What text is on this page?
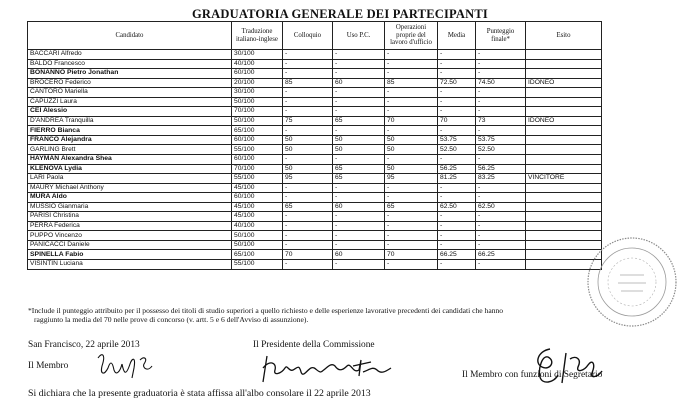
GRADUATORIA GENERALE DEI PARTECIPANTI
Candidato	Traduzione italiano-inglese	Colloquio	Uso P.C.	Operazioni proprie del lavoro d'ufficio	Media	Punteggio finale*	Esito
BACCARI Alfredo	30/100	-	-	-	-	-	
BALDO Francesco	40/100	-	-	-	-	-	
BONANNO Pietro Jonathan	60/100	-	-	-	-	-	
BROCERO Federico	20/100	85	60	85	72.50	74.50	IDONEO
CANTORO Mariella	30/100	-	-	-	-	-	
CAPUZZI Laura	50/100	-	-	-	-	-	
CEI Alessio	70/100	-	-	-	-	-	
D'ANDREA Tranquilla	50/100	75	65	70	70	73	IDONEO
FIERRO Bianca	65/100	-	-	-	-	-	
FRANCO Alejandra	60/100	50	50	50	53.75	53.75	
GARLING Brett	55/100	50	50	50	52.50	52.50	
HAYMAN Alexandra Shea	60/100	-	-	-	-	-	
KLENOVA Lydia	70/100	50	65	50	56.25	56.25	
LARI Paola	55/100	95	65	95	81.25	83.25	VINCITORE
MAURY Michael Anthony	45/100	-	-	-	-	-	
MURA Aldo	60/100	-	-	-	-	-	
MUSSIO Gianmaria	45/100	65	60	65	62.50	62.50	
PARISI Christina	45/100	-	-	-	-	-	
PERRA Federica	40/100	-	-	-	-	-	
PUPPO Vincenzo	50/100	-	-	-	-	-	
PANICACCI Daniele	50/100	-	-	-	-	-	
SPINELLA Fabio	65/100	70	60	70	66.25	66.25	
VISINTIN Luciana	55/100	-	-	-	-	-	
*Include il punteggio attribuito per il possesso dei titoli di studio superiori a quello richiesto e delle esperienze lavorative precedenti dei candidati che hanno
raggiunto la media del 70 nelle prove di concorso (v. artt. 5 e 6 dell'Avviso di assunzione).
San Francisco, 22 aprile 2013	Il Presidente della Commissione
Il Membro
Il Membro con funzioni di Segretario
Si dichiara che la presente graduatoria è stata affissa all'albo consolare il 22 aprile 2013
